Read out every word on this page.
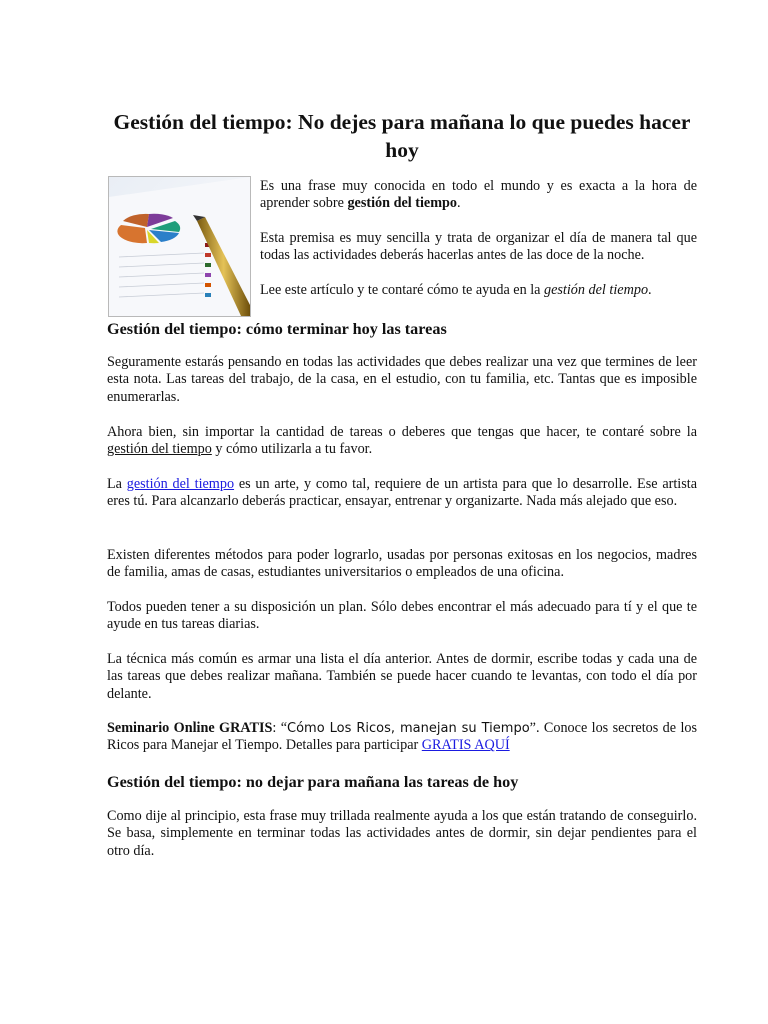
Gestión del tiempo: No dejes para mañana lo que puedes hacer hoy

Es una frase muy conocida en todo el mundo y es exacta a la hora de aprender sobre gestión del tiempo.

Esta premisa es muy sencilla y trata de organizar el día de manera tal que todas las actividades deberás hacerlas antes de las doce de la noche.

Lee este artículo y te contaré cómo te ayuda en la gestión del tiempo.

Gestión del tiempo: cómo terminar hoy las tareas

Seguramente estarás pensando en todas las actividades que debes realizar una vez que termines de leer esta nota. Las tareas del trabajo, de la casa, en el estudio, con tu familia, etc. Tantas que es imposible enumerarlas.

Ahora bien, sin importar la cantidad de tareas o deberes que tengas que hacer, te contaré sobre la gestión del tiempo y cómo utilizarla a tu favor.

La gestión del tiempo es un arte, y como tal, requiere de un artista para que lo desarrolle. Ese artista eres tú. Para alcanzarlo deberás practicar, ensayar, entrenar y organizarte. Nada más alejado que eso.

Existen diferentes métodos para poder lograrlo, usadas por personas exitosas en los negocios, madres de familia, amas de casas, estudiantes universitarios o empleados de una oficina.

Todos pueden tener a su disposición un plan. Sólo debes encontrar el más adecuado para tí y el que te ayude en tus tareas diarias.

La técnica más común es armar una lista el día anterior. Antes de dormir, escribe todas y cada una de las tareas que debes realizar mañana. También se puede hacer cuando te levantas, con todo el día por delante.

Seminario Online GRATIS: “Cómo Los Ricos, manejan su Tiempo”. Conoce los secretos de los Ricos para Manejar el Tiempo. Detalles para participar GRATIS AQUÍ

Gestión del tiempo: no dejar para mañana las tareas de hoy

Como dije al principio, esta frase muy trillada realmente ayuda a los que están tratando de conseguirlo. Se basa, simplemente en terminar todas las actividades antes de dormir, sin dejar pendientes para el otro día.
